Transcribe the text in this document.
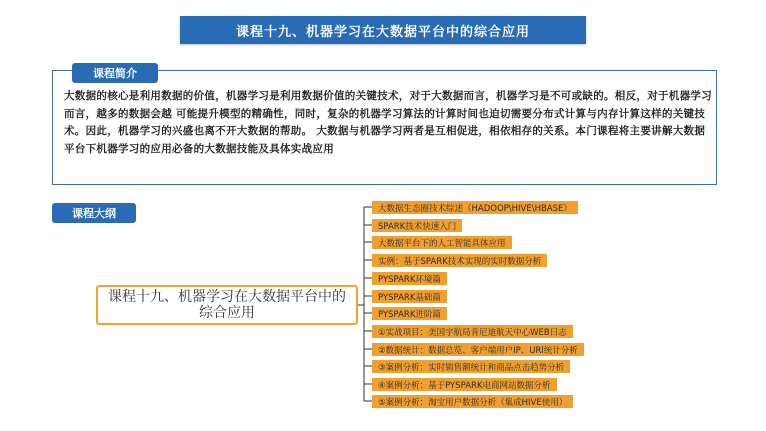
课程十九、机器学习在大数据平台中的综合应用
课程简介

大数据的核心是利用数据的价值，机器学习是利用数据价值的关键技术，对于大数据而言，机器学习是不可或缺的。相反，对于机器学习而言，越多的数据会越 可能提升模型的精确性，同时，复杂的机器学习算法的计算时间也迫切需要分布式计算与内存计算这样的关键技术。因此，机器学习的兴盛也离不开大数据的帮助。 大数据与机器学习两者是互相促进，相依相存的关系。本门课程将主要讲解大数据平台下机器学习的应用必备的大数据技能及具体实战应用

课程大纲
课程十九、机器学习在大数据平台中的综合应用
大数据生态圈技术综述（HADOOP\HIVE\HBASE）
SPARK技术快速入门
大数据平台下的人工智能具体应用
实例：基于SPARK技术实现的实时数据分析
PYSPARK环境篇
PYSPARK基础篇
PYSPARK进阶篇
①实战项目：美国宇航局肯尼迪航天中心WEB日志
②数据统计：数据总览、客户端用户IP、URl统计分析
③案例分析：实时销售额统计和商品点击趋势分析
④案例分析：基于PYSPARK电商网站数据分析
⑤案例分析：淘宝用户数据分析（集成HIVE使用）
